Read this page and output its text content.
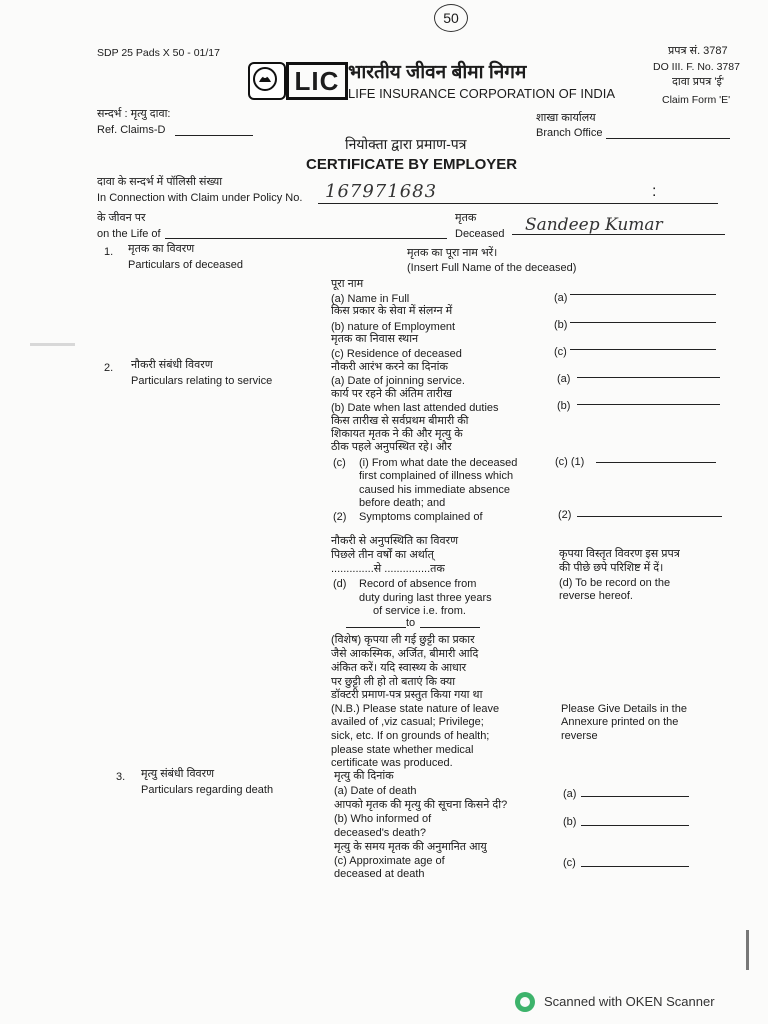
50
SDP 25 Pads X 50 - 01/17	प्रपत्र सं. 3787
DO III. F. No. 3787
दावा प्रपत्र 'ई'
Claim Form 'E'
LIC भारतीय जीवन बीमा निगम
LIFE INSURANCE CORPORATION OF INDIA
सन्दर्भ : मृत्यु दावा:
Ref. Claims-D
शाखा कार्यालय
Branch Office
नियोक्ता द्वारा प्रमाण-पत्र
CERTIFICATE BY EMPLOYER
दावा के सन्दर्भ में पॉलिसी संख्या
In Connection with Claim under Policy No. 167971683	:
के जीवन पर
on the Life of
मृतक
Deceased Sandeep Kumar
1. मृतक का विवरण
Particulars of deceased
मृतक का पूरा नाम भरें।
(Insert Full Name of the deceased)
पूरा नाम
(a) Name in Full	(a)
किस प्रकार के सेवा में संलग्न में
(b) nature of Employment	(b)
मृतक का निवास स्थान
(c) Residence of deceased	(c)
2. नौकरी संबंधी विवरण
Particulars relating to service
नौकरी आरंभ करने का दिनांक
(a) Date of joinning service.	(a)
कार्य पर रहने की अंतिम तारीख
(b) Date when last attended duties	(b)
किस तारीख से सर्वप्रथम बीमारी की
शिकायत मृतक ने की और मृत्यु के
ठीक पहले अनुपस्थित रहे। और
(c) (i) From what date the deceased
first complained of illness which
caused his immediate absence
before death; and
(c) (1)
(2) Symptoms complained of	(2)
नौकरी से अनुपस्थिति का विवरण
पिछले तीन वर्षों का अर्थात्
..............से ...............तक
(d) Record of absence from
duty during last three years
of service i.e. from.
to
कृपया विस्तृत विवरण इस प्रपत्र
की पीछे छपे परिशिष्ट में दें।
(d) To be record on the
reverse hereof.
(विशेष) कृपया ली गई छुट्टी का प्रकार
जैसे आकस्मिक, अर्जित, बीमारी आदि
अंकित करें। यदि स्वास्थ्य के आधार
पर छुट्टी ली हो तो बताएं कि क्या
डॉक्टरी प्रमाण-पत्र प्रस्तुत किया गया था
(N.B.) Please state nature of leave
availed of ,viz casual; Privilege;
sick, etc. If on grounds of health;
please state whether medical
certificate was produced.
Please Give Details in the
Annexure printed on the
reverse
3. मृत्यु संबंधी विवरण
Particulars regarding death
मृत्यु की दिनांक
(a) Date of death	(a)
आपको मृतक की मृत्यु की सूचना किसने दी?
(b) Who informed of
deceased's death?
(b)
मृत्यु के समय मृतक की अनुमानित आयु
(c) Approximate age of
deceased at death
(c)
Scanned with OKEN Scanner
